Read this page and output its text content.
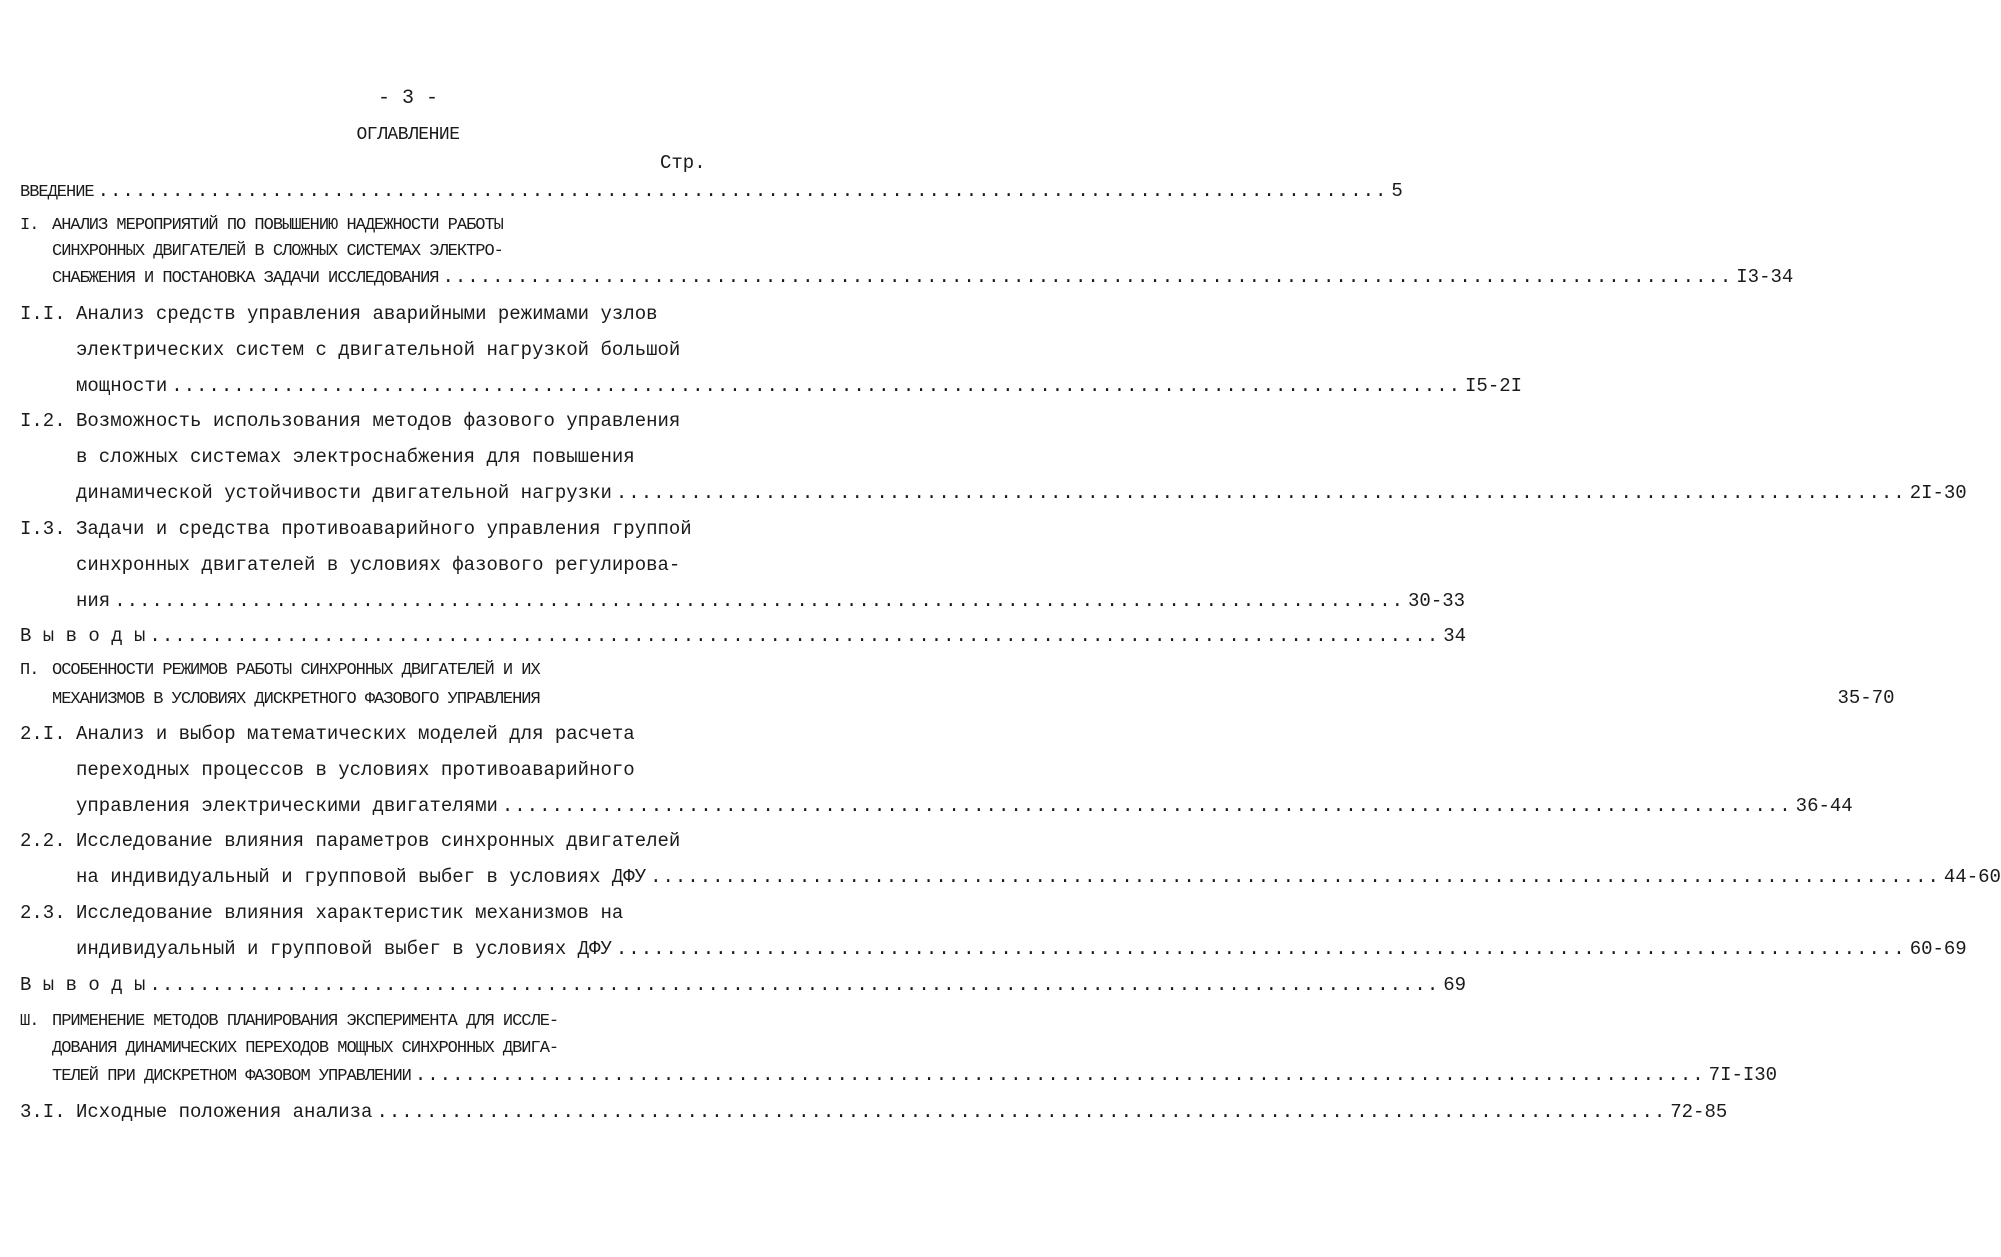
- 3 -
ОГЛАВЛЕНИЕ
Стр.
ВВЕДЕНИЕ ........................................................................................................ 5
I. АНАЛИЗ МЕРОПРИЯТИЙ ПО ПОВЫШЕНИЮ НАДЕЖНОСТИ РАБОТЫ
СИНХРОННЫХ ДВИГАТЕЛЕЙ В СЛОЖНЫХ СИСТЕМАХ ЭЛЕКТРО-
СНАБЖЕНИЯ И ПОСТАНОВКА ЗАДАЧИ ИССЛЕДОВАНИЯ ........................................................................................................ I3-34
I.I. Анализ средств управления аварийными режимами узлов
электрических систем с двигательной нагрузкой большой
мощности ........................................................................................................ I5-2I
I.2. Возможность использования методов фазового управления
в сложных системах электроснабжения для повышения
динамической устойчивости двигательной нагрузки ........................................................................................................ 2I-30
I.3. Задачи и средства противоаварийного управления группой
синхронных двигателей в условиях фазового регулирова-
ния ........................................................................................................ 30-33
В ы в о д ы ........................................................................................................ 34
П. ОСОБЕННОСТИ РЕЖИМОВ РАБОТЫ СИНХРОННЫХ ДВИГАТЕЛЕЙ И ИХ
МЕХАНИЗМОВ В УСЛОВИЯХ ДИСКРЕТНОГО ФАЗОВОГО УПРАВЛЕНИЯ	35-70
2.I. Анализ и выбор математических моделей для расчета
переходных процессов в условиях противоаварийного
управления электрическими двигателями ........................................................................................................ 36-44
2.2. Исследование влияния параметров синхронных двигателей
на индивидуальный и групповой выбег в условиях ДФУ ........................................................................................................ 44-60
2.3. Исследование влияния характеристик механизмов на
индивидуальный и групповой выбег в условиях ДФУ ........................................................................................................ 60-69
В ы в о д ы ........................................................................................................ 69
Ш. ПРИМЕНЕНИЕ МЕТОДОВ ПЛАНИРОВАНИЯ ЭКСПЕРИМЕНТА ДЛЯ ИССЛЕ-
ДОВАНИЯ ДИНАМИЧЕСКИХ ПЕРЕХОДОВ МОЩНЫХ СИНХРОННЫХ ДВИГА-
ТЕЛЕЙ ПРИ ДИСКРЕТНОМ ФАЗОВОМ УПРАВЛЕНИИ ........................................................................................................ 7I-I30
3.I. Исходные положения анализа ........................................................................................................ 72-85
